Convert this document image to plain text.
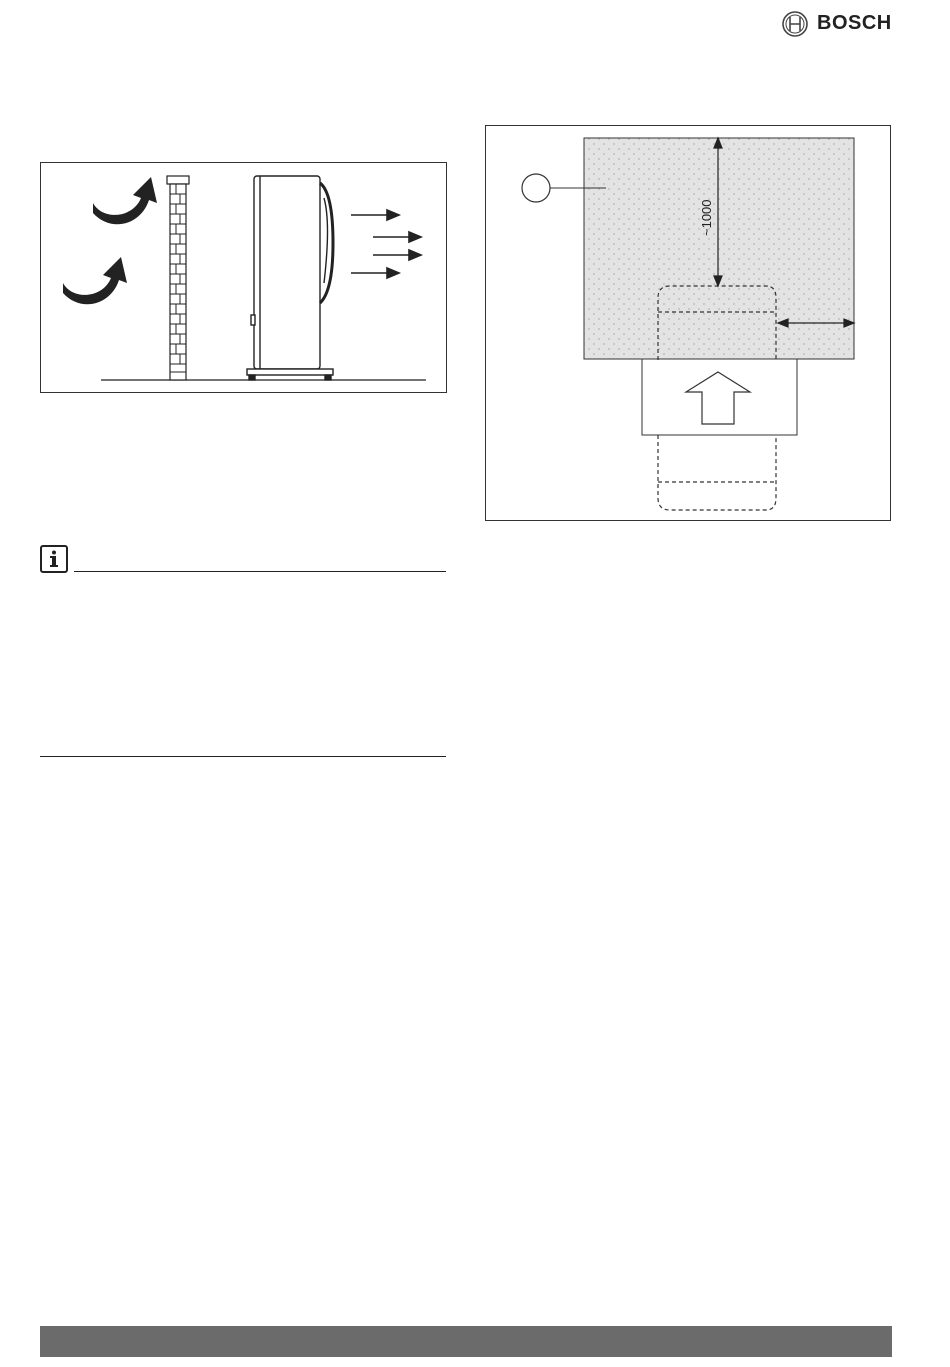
BOSCH
~1000
